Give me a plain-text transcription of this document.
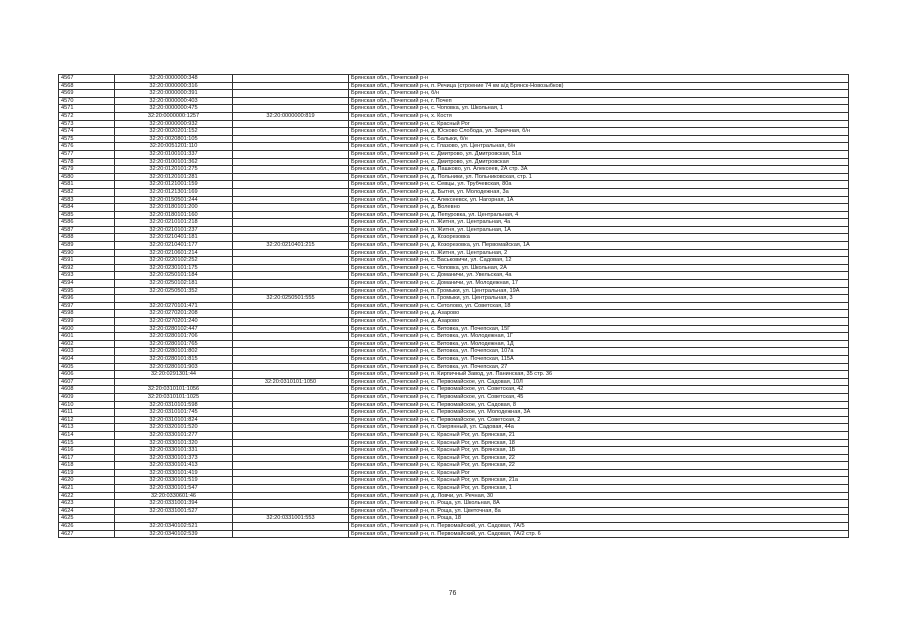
4567	32:20:0000000:348		Брянская обл., Почепский р-н
4568	32:20:0000000:316		Брянская обл., Почепский р-н, п. Речица (строение 74 км а/д Брянск-Новозыбков)
4569	32:20:0000000:391		Брянская обл., Почепский р-н, б/н
4570	32:20:0000000:403		Брянская обл., Почепский р-н, г. Почеп
4571	32:20:0000000:475		Брянская обл., Почепский р-н, с. Чоповка, ул. Школьная, 1
4572	32:20:0000000:1257	32:20:0000000:819	Брянская обл., Почепский р-н, х. Костя
4573	32:20:0000000:932		Брянская обл., Почепский р-н, с. Красный Рог
4574	32:20:0020201:152		Брянская обл., Почепский р-н, д. Юсково Слобода, ул. Заречная, б/н
4575	32:20:0020801:105		Брянская обл., Почепский р-н, с. Балыки, б/н
4576	32:20:0051201:110		Брянская обл., Почепский р-н, с. Глазово, ул. Центральная, б/н
4577	32:20:0100101:337		Брянская обл., Почепский р-н, с. Дмитрово, ул. Дмитровская, 51а
4578	32:20:0100101:362		Брянская обл., Почепский р-н, с. Дмитрово, ул. Дмитровская
4579	32:20:0120101:275		Брянская обл., Почепский р-н, д. Пашково, ул. Алексеев, 2А стр. 3А
4580	32:20:0120101:281		Брянская обл., Почепский р-н, д. Польники, ул. Польниковская, стр. 1
4581	32:20:0121001:159		Брянская обл., Почепский р-н, с. Севцы, ул. Трубчевская, 80а
4582	32:20:0121301:169		Брянская обл., Почепский р-н, д. Бытня, ул. Молодежная, 3а
4583	32:20:0150501:244		Брянская обл., Почепский р-н, с. Алексеевск, ул. Нагорная, 1А
4584	32:20:0180101:200		Брянская обл., Почепский р-н, д. Волевно
4585	32:20:0180101:160		Брянская обл., Почепский р-н, д. Пепуровка, ул. Центральная, 4
4586	32:20:0210101:218		Брянская обл., Почепский р-н, п. Житня, ул. Центральная, 4а
4587	32:20:0210101:237		Брянская обл., Почепский р-н, п. Житня, ул. Центральная, 1А
4588	32:20:0210401:181		Брянская обл., Почепский р-н, д. Козорезовка
4589	32:20:0210401:177	32:20:0210401:215	Брянская обл., Почепский р-н, д. Козорезовка, ул. Первомайская, 1А
4590	32:20:0210601:214		Брянская обл., Почепский р-н, п. Житня, ул. Центральная, 2
4591	32:20:0220102:252		Брянская обл., Почепский р-н, с. Васьковичи, ул. Садовая, 12
4592	32:20:0230101:175		Брянская обл., Почепский р-н, с. Чоповка, ул. Школьная, 2А
4593	32:20:0250101:184		Брянская обл., Почепский р-н, с. Доманичи, ул. Увельская, 4а
4594	32:20:0250102:181		Брянская обл., Почепский р-н, с. Доманичи, ул. Молодежная, 17
4595	32:20:0250501:352		Брянская обл., Почепский р-н, п. Громыки, ул. Центральная, 19А
4596		32:20:0250501:555	Брянская обл., Почепский р-н, п. Громыки, ул. Центральная, 3
4597	32:20:0270101:471		Брянская обл., Почепский р-н, с. Сетолово, ул. Советская, 18
4598	32:20:0270201:208		Брянская обл., Почепский р-н, д. Азарово
4599	32:20:0270201:240		Брянская обл., Почепский р-н, д. Азарово
4600	32:20:0280102:447		Брянская обл., Почепский р-н, с. Витовка, ул. Почепская, 15Г
4601	32:20:0280101:706		Брянская обл., Почепский р-н, с. Витовка, ул. Молодежная, 1Г
4602	32:20:0280101:765		Брянская обл., Почепский р-н, с. Витовка, ул. Молодежная, 1Д
4603	32:20:0280101:802		Брянская обл., Почепский р-н, с. Витовка, ул. Почепская, 107а
4604	32:20:0280101:815		Брянская обл., Почепский р-н, с. Витовка, ул. Почепская, 115А
4605	32:20:0280101:903		Брянская обл., Почепский р-н, с. Витовка, ул. Почепская, 27
4606	32:20:0291301:44		Брянская обл., Почепский р-н, п. Кирпичный Завод, ул. Панинская, 35 стр. 36
4607		32:20:0310101:1050	Брянская обл., Почепский р-н, с. Первомайское, ул. Садовая, 10Л
4608	32:20:0310101:1056		Брянская обл., Почепский р-н, с. Первомайское, ул. Советская, 42
4609	32:20:0310101:1025		Брянская обл., Почепский р-н, с. Первомайское, ул. Советская, 45
4610	32:20:0310101:598		Брянская обл., Почепский р-н, с. Первомайское, ул. Садовая, 8
4611	32:20:0310101:745		Брянская обл., Почепский р-н, с. Первомайское, ул. Молодежная, 3А
4612	32:20:0310101:824		Брянская обл., Почепский р-н, с. Первомайское, ул. Советская, 2
4613	32:20:0320101:520		Брянская обл., Почепский р-н, п. Озерянный, ул. Садовая, 44а
4614	32:20:0330101:277		Брянская обл., Почепский р-н, с. Красный Рог, ул. Брянская, 21
4615	32:20:0330101:320		Брянская обл., Почепский р-н, с. Красный Рог, ул. Брянская, 18
4616	32:20:0330101:331		Брянская обл., Почепский р-н, с. Красный Рог, ул. Брянская, 1Б
4617	32:20:0330101:373		Брянская обл., Почепский р-н, с. Красный Рог, ул. Брянская, 22
4618	32:20:0330101:413		Брянская обл., Почепский р-н, с. Красный Рог, ул. Брянская, 22
4619	32:20:0330101:419		Брянская обл., Почепский р-н, с. Красный Рог
4620	32:20:0330101:519		Брянская обл., Почепский р-н, с. Красный Рог, ул. Брянская, 21а
4621	32:20:0330101:547		Брянская обл., Почепский р-н, с. Красный Рог, ул. Брянская, 1
4622	32:20:0330601:46		Брянская обл., Почепский р-н, д. Ловчи, ул. Речная, 30
4623	32:20:0331001:394		Брянская обл., Почепский р-н, п. Роща, ул. Школьная, 8А
4624	32:20:0331001:527		Брянская обл., Почепский р-н, п. Роща, ул. Цветочная, 8а
4625		32:20:0331001:553	Брянская обл., Почепский р-н, п. Роща, 18
4626	32:20:0340102:521		Брянская обл., Почепский р-н, п. Первомайский, ул. Садовая, 7А/5
4627	32:20:0340102:539		Брянская обл., Почепский р-н, п. Первомайский, ул. Садовая, 7А/2 стр. 6
76
